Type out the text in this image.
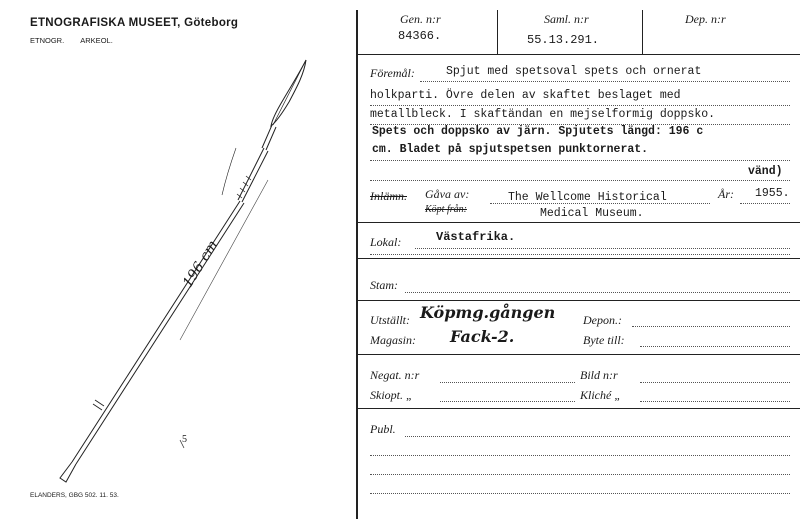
ETNOGRAFISKA MUSEET, Göteborg
ETNOGR. ARKEOL.
196 cm
5
ELANDERS, GBG 502. 11. 53.
Gen. n:r
84366.
Saml. n:r
55.13.291.
Dep. n:r
Föremål:	Spjut med spetsoval spets och ornerat
holkparti. Övre delen av skaftet beslaget med
metallbleck. I skaftändan en mejselformig doppsko.
Spets och doppsko av järn. Spjutets längd: 196 c
cm. Bladet på spjutspetsen punktornerat.
vänd)
Inlämn. Gåva av:
Köpt från:
The Wellcome Historical
Medical Museum.
År: 1955.
Lokal:	Västafrika.
Stam:
Utställt: Köpmg.gången
Magasin: Fack-2.
Depon.:
Byte till:
Negat. n:r	Bild n:r
Skiopt. „	Kliché „
Publ.
